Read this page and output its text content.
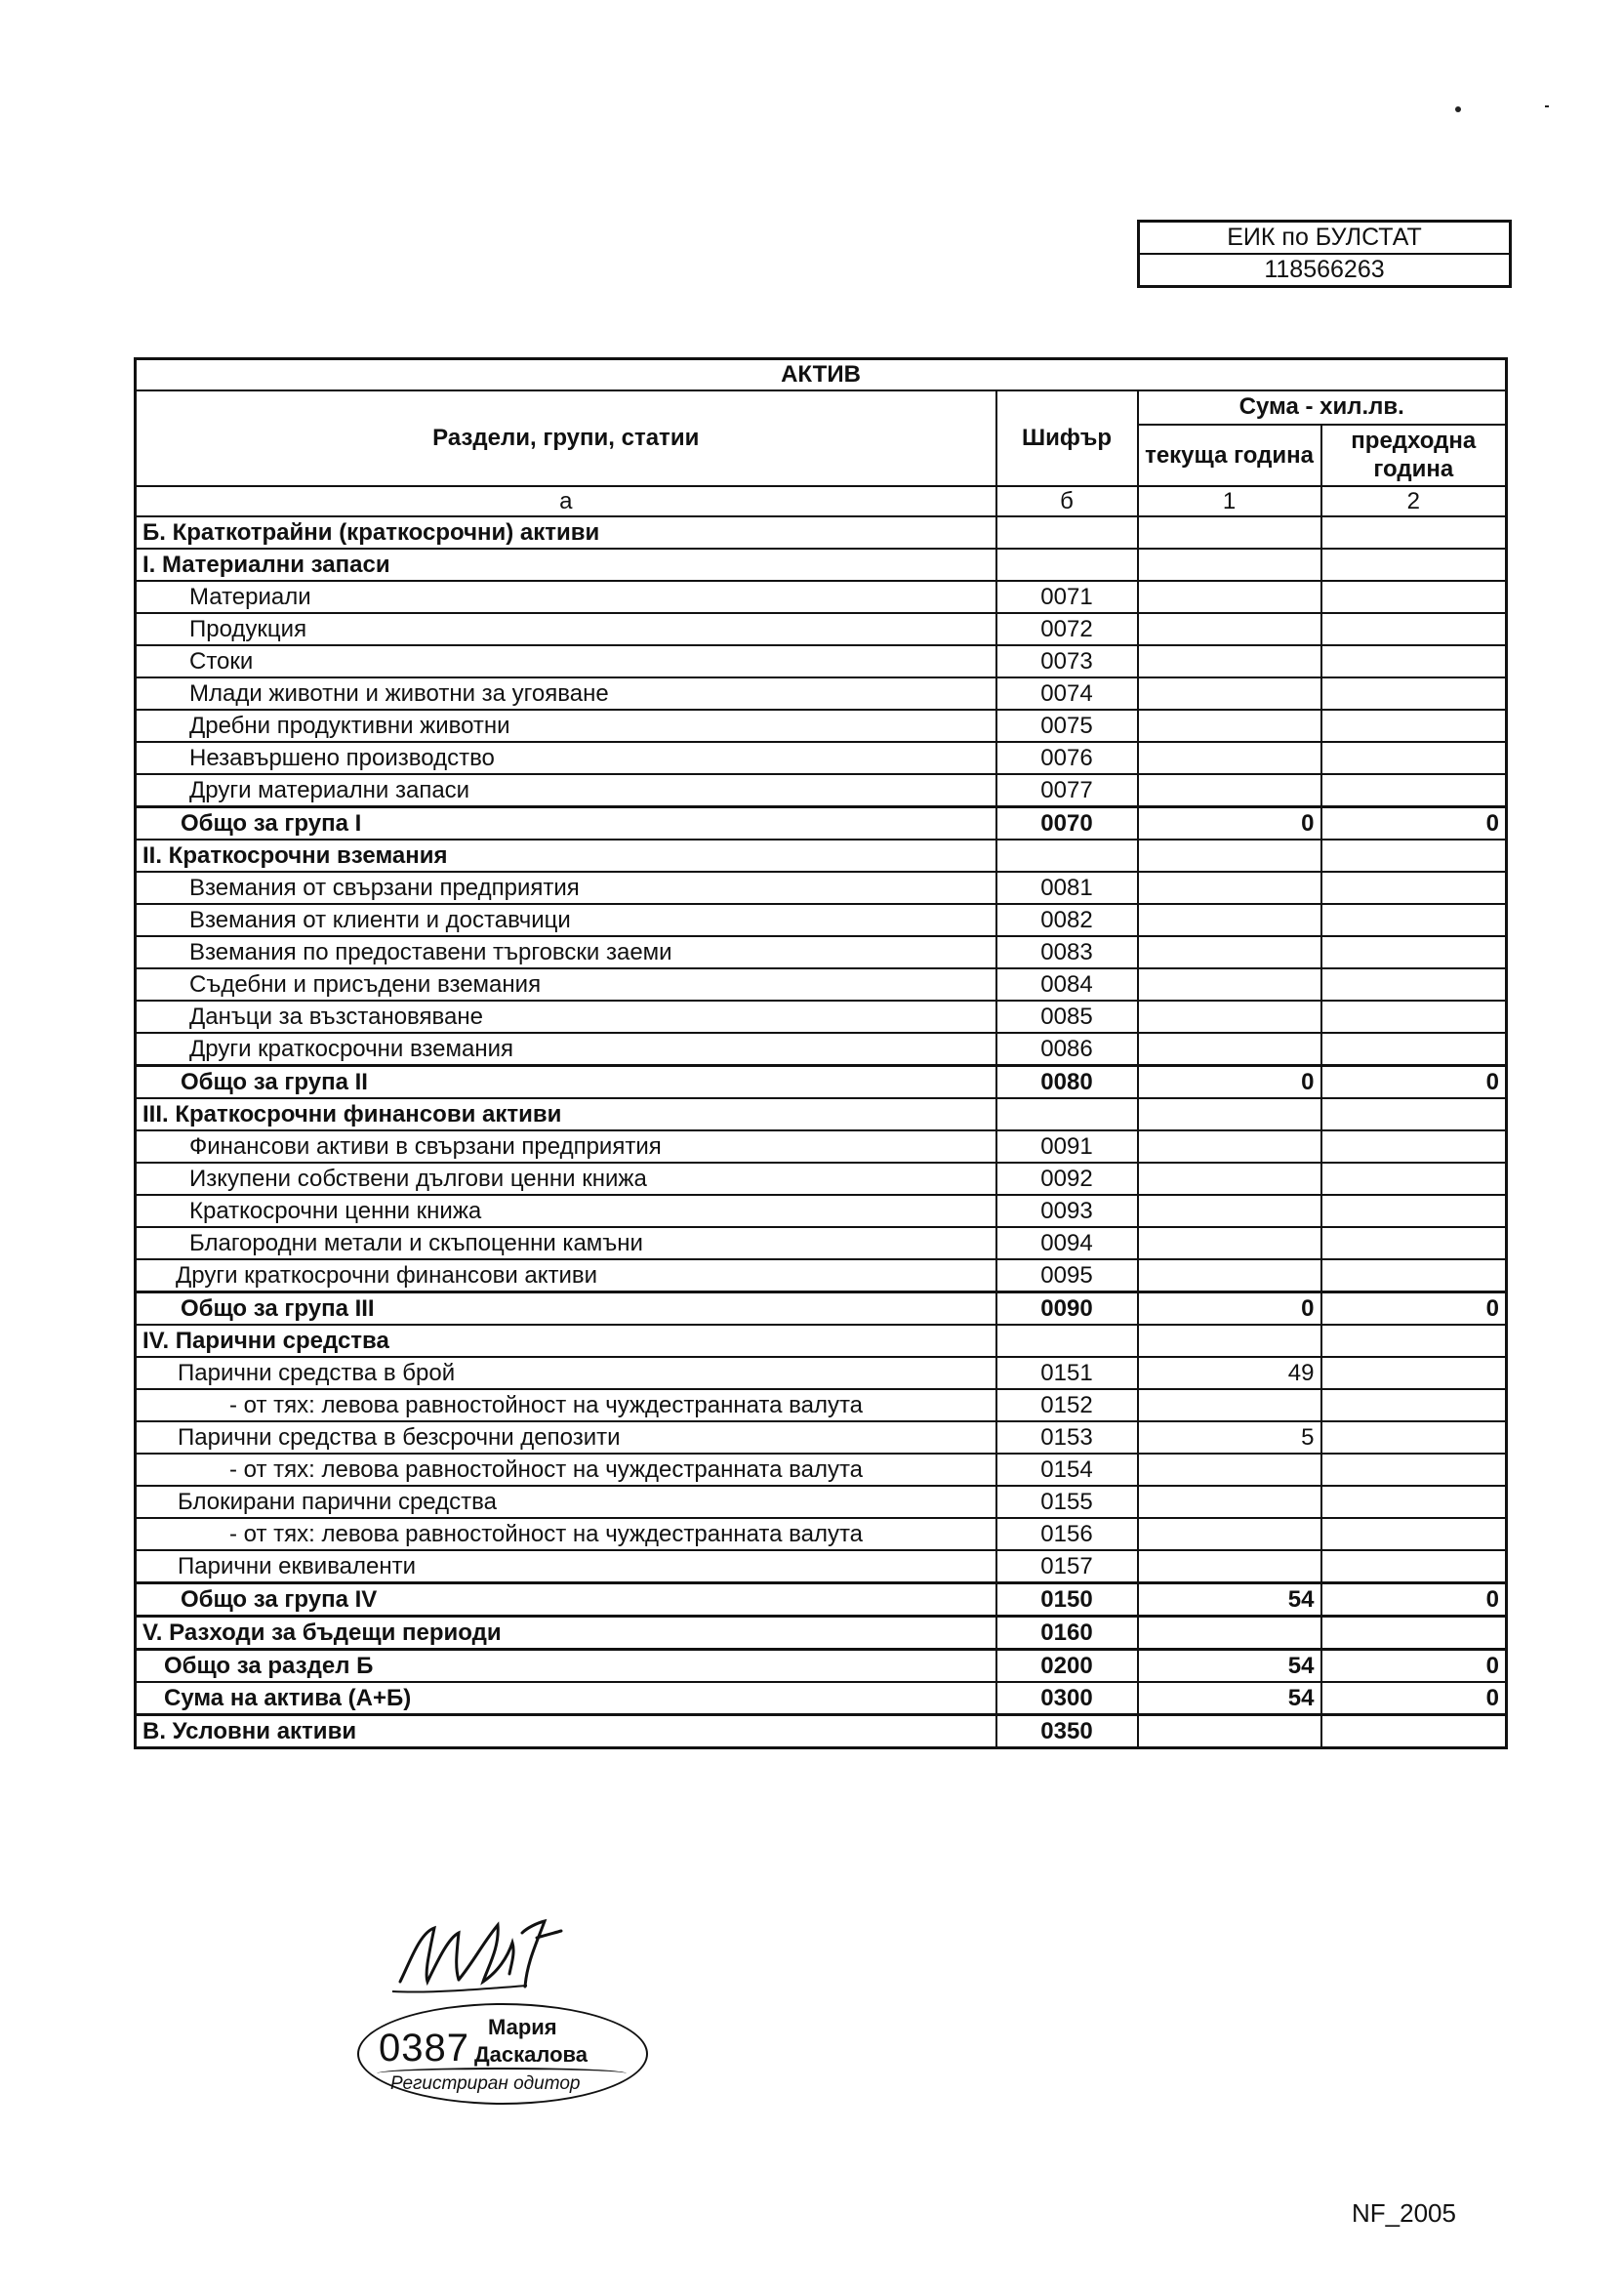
ЕИК по БУЛСТАТ
118566263
АКТИВ			
Раздели, групи, статии	Шифър	Сума - хил.лв.	
		текуща година	предходна година
а	б	1	2
Б. Краткотрайни (краткосрочни) активи			
I. Материални запаси			
Материали	0071		
Продукция	0072		
Стоки	0073		
Млади животни и животни за угояване	0074		
Дребни продуктивни животни	0075		
Незавършено производство	0076		
Други материални запаси	0077		
Общо за група I	0070	0	0
II. Краткосрочни вземания			
Вземания от свързани предприятия	0081		
Вземания от клиенти и доставчици	0082		
Вземания по предоставени търговски заеми	0083		
Съдебни и присъдени вземания	0084		
Данъци за възстановяване	0085		
Други краткосрочни вземания	0086		
Общо за група II	0080	0	0
III. Краткосрочни финансови активи			
Финансови активи в свързани предприятия	0091		
Изкупени собствени дългови ценни книжа	0092		
Краткосрочни ценни книжа	0093		
Благородни метали и скъпоценни камъни	0094		
Други краткосрочни финансови активи	0095		
Общо за група III	0090	0	0
IV. Парични средства			
Парични средства в брой	0151	49	
- от тях: левова равностойност на чуждестранната валута	0152		
Парични средства в безсрочни депозити	0153	5	
- от тях: левова равностойност на чуждестранната валута	0154		
Блокирани парични средства	0155		
- от тях: левова равностойност на чуждестранната валута	0156		
Парични еквиваленти	0157		
Общо за група IV	0150	54	0
V. Разходи за бъдещи периоди	0160		
Общо за раздел Б	0200	54	0
Сума на актива (А+Б)	0300	54	0
В. Условни активи	0350		
0387 Мария
Даскалова
Регистриран одитор
NF_2005
